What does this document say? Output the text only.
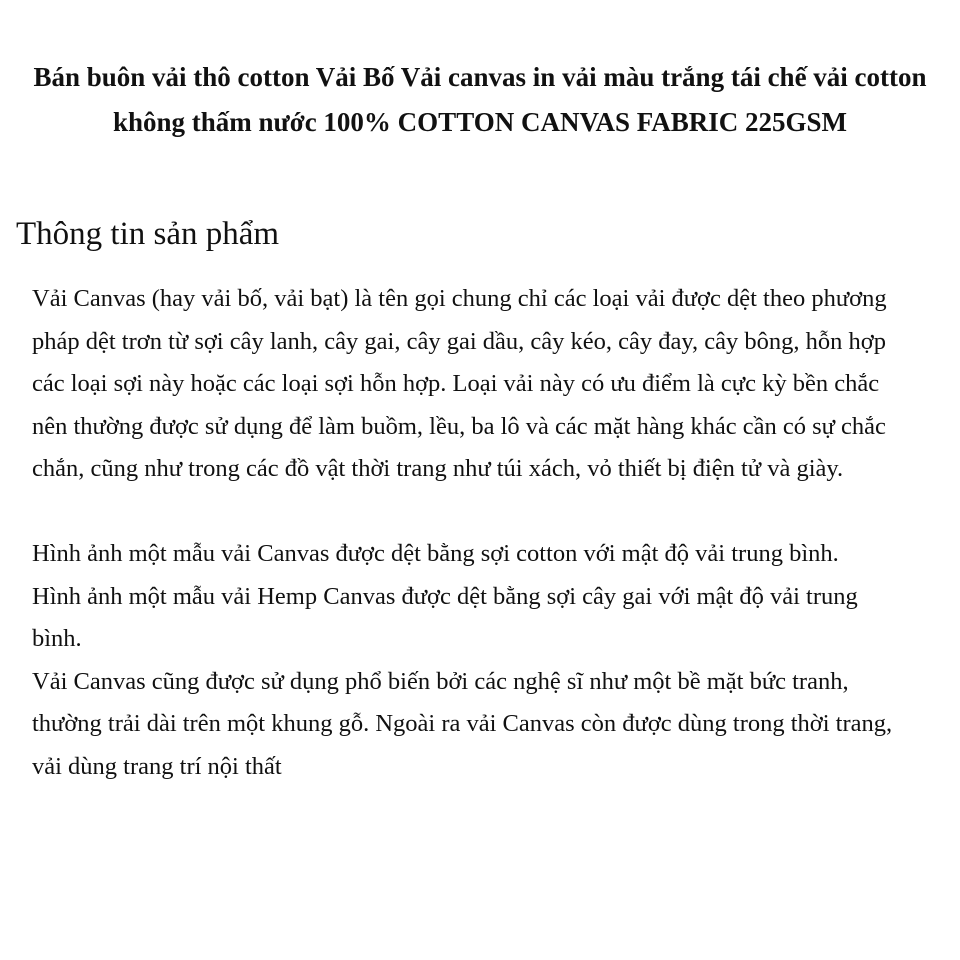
Bán buôn vải thô cotton Vải Bố Vải canvas in vải màu trắng tái chế vải cotton không thấm nước 100% COTTON CANVAS FABRIC 225GSM
Thông tin sản phẩm

Vải Canvas (hay vải bố, vải bạt) là tên gọi chung chỉ các loại vải được dệt theo phương pháp dệt trơn từ sợi cây lanh, cây gai, cây gai dầu, cây kéo, cây đay, cây bông, hỗn hợp các loại sợi này hoặc các loại sợi hỗn hợp. Loại vải này có ưu điểm là cực kỳ bền chắc nên thường được sử dụng để làm buồm, lều, ba lô và các mặt hàng khác cần có sự chắc chắn, cũng như trong các đồ vật thời trang như túi xách, vỏ thiết bị điện tử và giày.

Hình ảnh một mẫu vải Canvas được dệt bằng sợi cotton với mật độ vải trung bình.

Hình ảnh một mẫu vải Hemp Canvas được dệt bằng sợi cây gai với mật độ vải trung bình.

Vải Canvas cũng được sử dụng phổ biến bởi các nghệ sĩ như một bề mặt bức tranh, thường trải dài trên một khung gỗ. Ngoài ra vải Canvas còn được dùng trong thời trang, vải dùng trang trí nội thất
